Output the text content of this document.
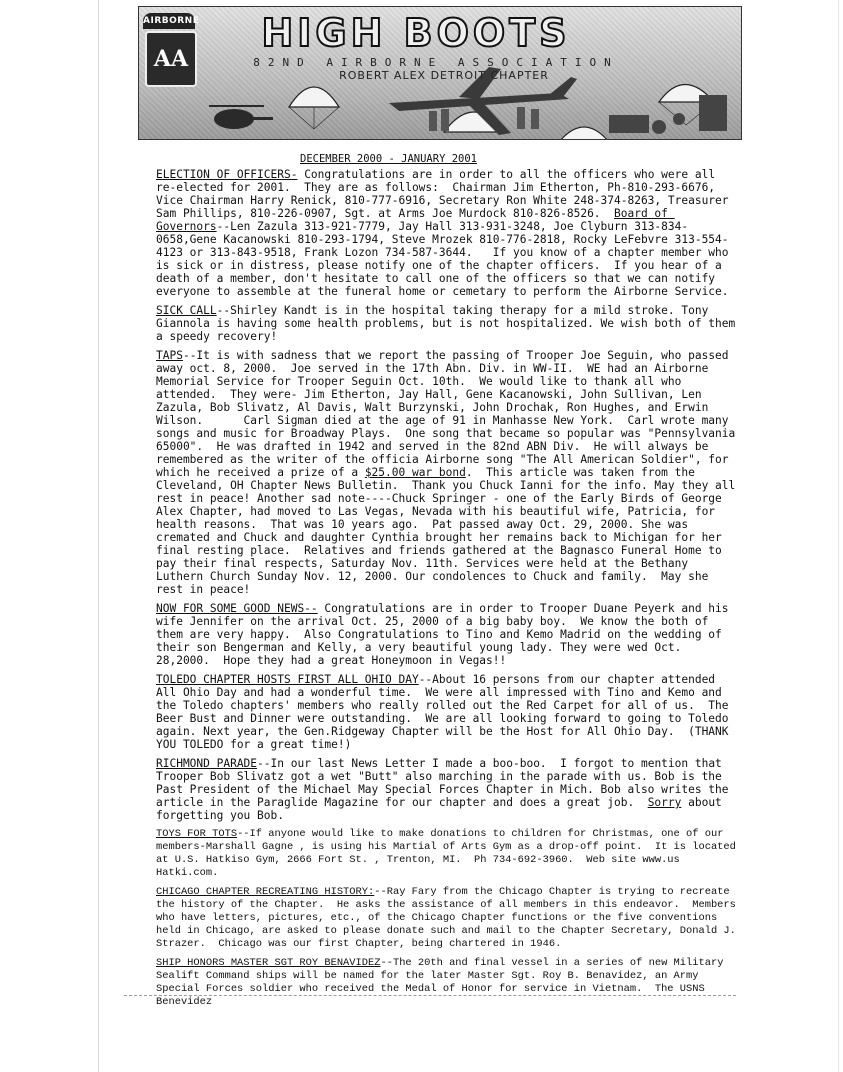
AIRBORNE
AA
HIGH BOOTS
82ND AIRBORNE ASSOCIATION
ROBERT ALEX DETROIT CHAPTER
DECEMBER 2000 - JANUARY 2001

ELECTION OF OFFICERS- Congratulations are in order to all the officers who were all re-elected for 2001.  They are as follows:  Chairman Jim Etherton, Ph-810-293-6676, Vice Chairman Harry Renick, 810-777-6916, Secretary Ron White 248-374-8263, Treasurer Sam Phillips, 810-226-0907, Sgt. at Arms Joe Murdock 810-826-8526.  Board of Governors--Len Zazula 313-921-7779, Jay Hall 313-931-3248, Joe Clyburn 313-834-0658,Gene Kacanowski 810-293-1794, Steve Mrozek 810-776-2818, Rocky LeFebvre 313-554-4123 or 313-843-9518, Frank Lozon 734-587-3644.   If you know of a chapter member who is sick or in distress, please notify one of the chapter officers.  If you hear of a death of a member, don't hesitate to call one of the officers so that we can notify everyone to assemble at the funeral home or cemetary to perform the Airborne Service.

SICK CALL--Shirley Kandt is in the hospital taking therapy for a mild stroke. Tony Giannola is having some health problems, but is not hospitalized. We wish both of them a speedy recovery!

TAPS--It is with sadness that we report the passing of Trooper Joe Seguin, who passed away oct. 8, 2000.  Joe served in the 17th Abn. Div. in WW-II.  WE had an Airborne Memorial Service for Trooper Seguin Oct. 10th.  We would like to thank all who attended.  They were- Jim Etherton, Jay Hall, Gene Kacanowski, John Sullivan, Len Zazula, Bob Slivatz, Al Davis, Walt Burzynski, John Drochak, Ron Hughes, and Erwin Wilson.      Carl Sigman died at the age of 91 in Manhasse New York.  Carl wrote many songs and music for Broadway Plays.  One song that became so popular was "Pennsylvania 65000".  He was drafted in 1942 and served in the 82nd ABN Div.  He will always be remembered as the writer of the officia Airborne song "The All American Soldier", for which he received a prize of a $25.00 war bond.  This article was taken from the Cleveland, OH Chapter News Bulletin.  Thank you Chuck Ianni for the info. May they all rest in peace! Another sad note----Chuck Springer - one of the Early Birds of George Alex Chapter, had moved to Las Vegas, Nevada with his beautiful wife, Patricia, for health reasons.  That was 10 years ago.  Pat passed away Oct. 29, 2000. She was cremated and Chuck and daughter Cynthia brought her remains back to Michigan for her final resting place.  Relatives and friends gathered at the Bagnasco Funeral Home to pay their final respects, Saturday Nov. 11th. Services were held at the Bethany Luthern Church Sunday Nov. 12, 2000. Our condolences to Chuck and family.  May she rest in peace!

NOW FOR SOME GOOD NEWS-- Congratulations are in order to Trooper Duane Peyerk and his wife Jennifer on the arrival Oct. 25, 2000 of a big baby boy.  We know the both of them are very happy.  Also Congratulations to Tino and Kemo Madrid on the wedding of their son Bengerman and Kelly, a very beautiful young lady. They were wed Oct. 28,2000.  Hope they had a great Honeymoon in Vegas!!

TOLEDO CHAPTER HOSTS FIRST ALL OHIO DAY--About 16 persons from our chapter attended All Ohio Day and had a wonderful time.  We were all impressed with Tino and Kemo and the Toledo chapters' members who really rolled out the Red Carpet for all of us.  The Beer Bust and Dinner were outstanding.  We are all looking forward to going to Toledo again. Next year, the Gen.Ridgeway Chapter will be the Host for All Ohio Day.  (THANK YOU TOLEDO for a great time!)

RICHMOND PARADE--In our last News Letter I made a boo-boo.  I forgot to mention that Trooper Bob Slivatz got a wet "Butt" also marching in the parade with us. Bob is the Past President of the Michael May Special Forces Chapter in Mich. Bob also writes the article in the Paraglide Magazine for our chapter and does a great job.  Sorry about forgetting you Bob.

TOYS FOR TOTS--If anyone would like to make donations to children for Christmas, one of our members-Marshall Gagne , is using his Martial of Arts Gym as a drop-off point.  It is located at U.S. Hatkiso Gym, 2666 Fort St. , Trenton, MI.  Ph 734-692-3960.  Web site www.us Hatki.com.

CHICAGO CHAPTER RECREATING HISTORY:--Ray Fary from the Chicago Chapter is trying to recreate the history of the Chapter.  He asks the assistance of all members in this endeavor.  Members who have letters, pictures, etc., of the Chicago Chapter functions or the five conventions held in Chicago, are asked to please donate such and mail to the Chapter Secretary, Donald J. Strazer.  Chicago was our first Chapter, being chartered in 1946.

SHIP HONORS MASTER SGT ROY BENAVIDEZ--The 20th and final vessel in a series of new Military Sealift Command ships will be named for the later Master Sgt. Roy B. Benavidez, an Army Special Forces soldier who received the Medal of Honor for service in Vietnam.  The USNS Benevidez
